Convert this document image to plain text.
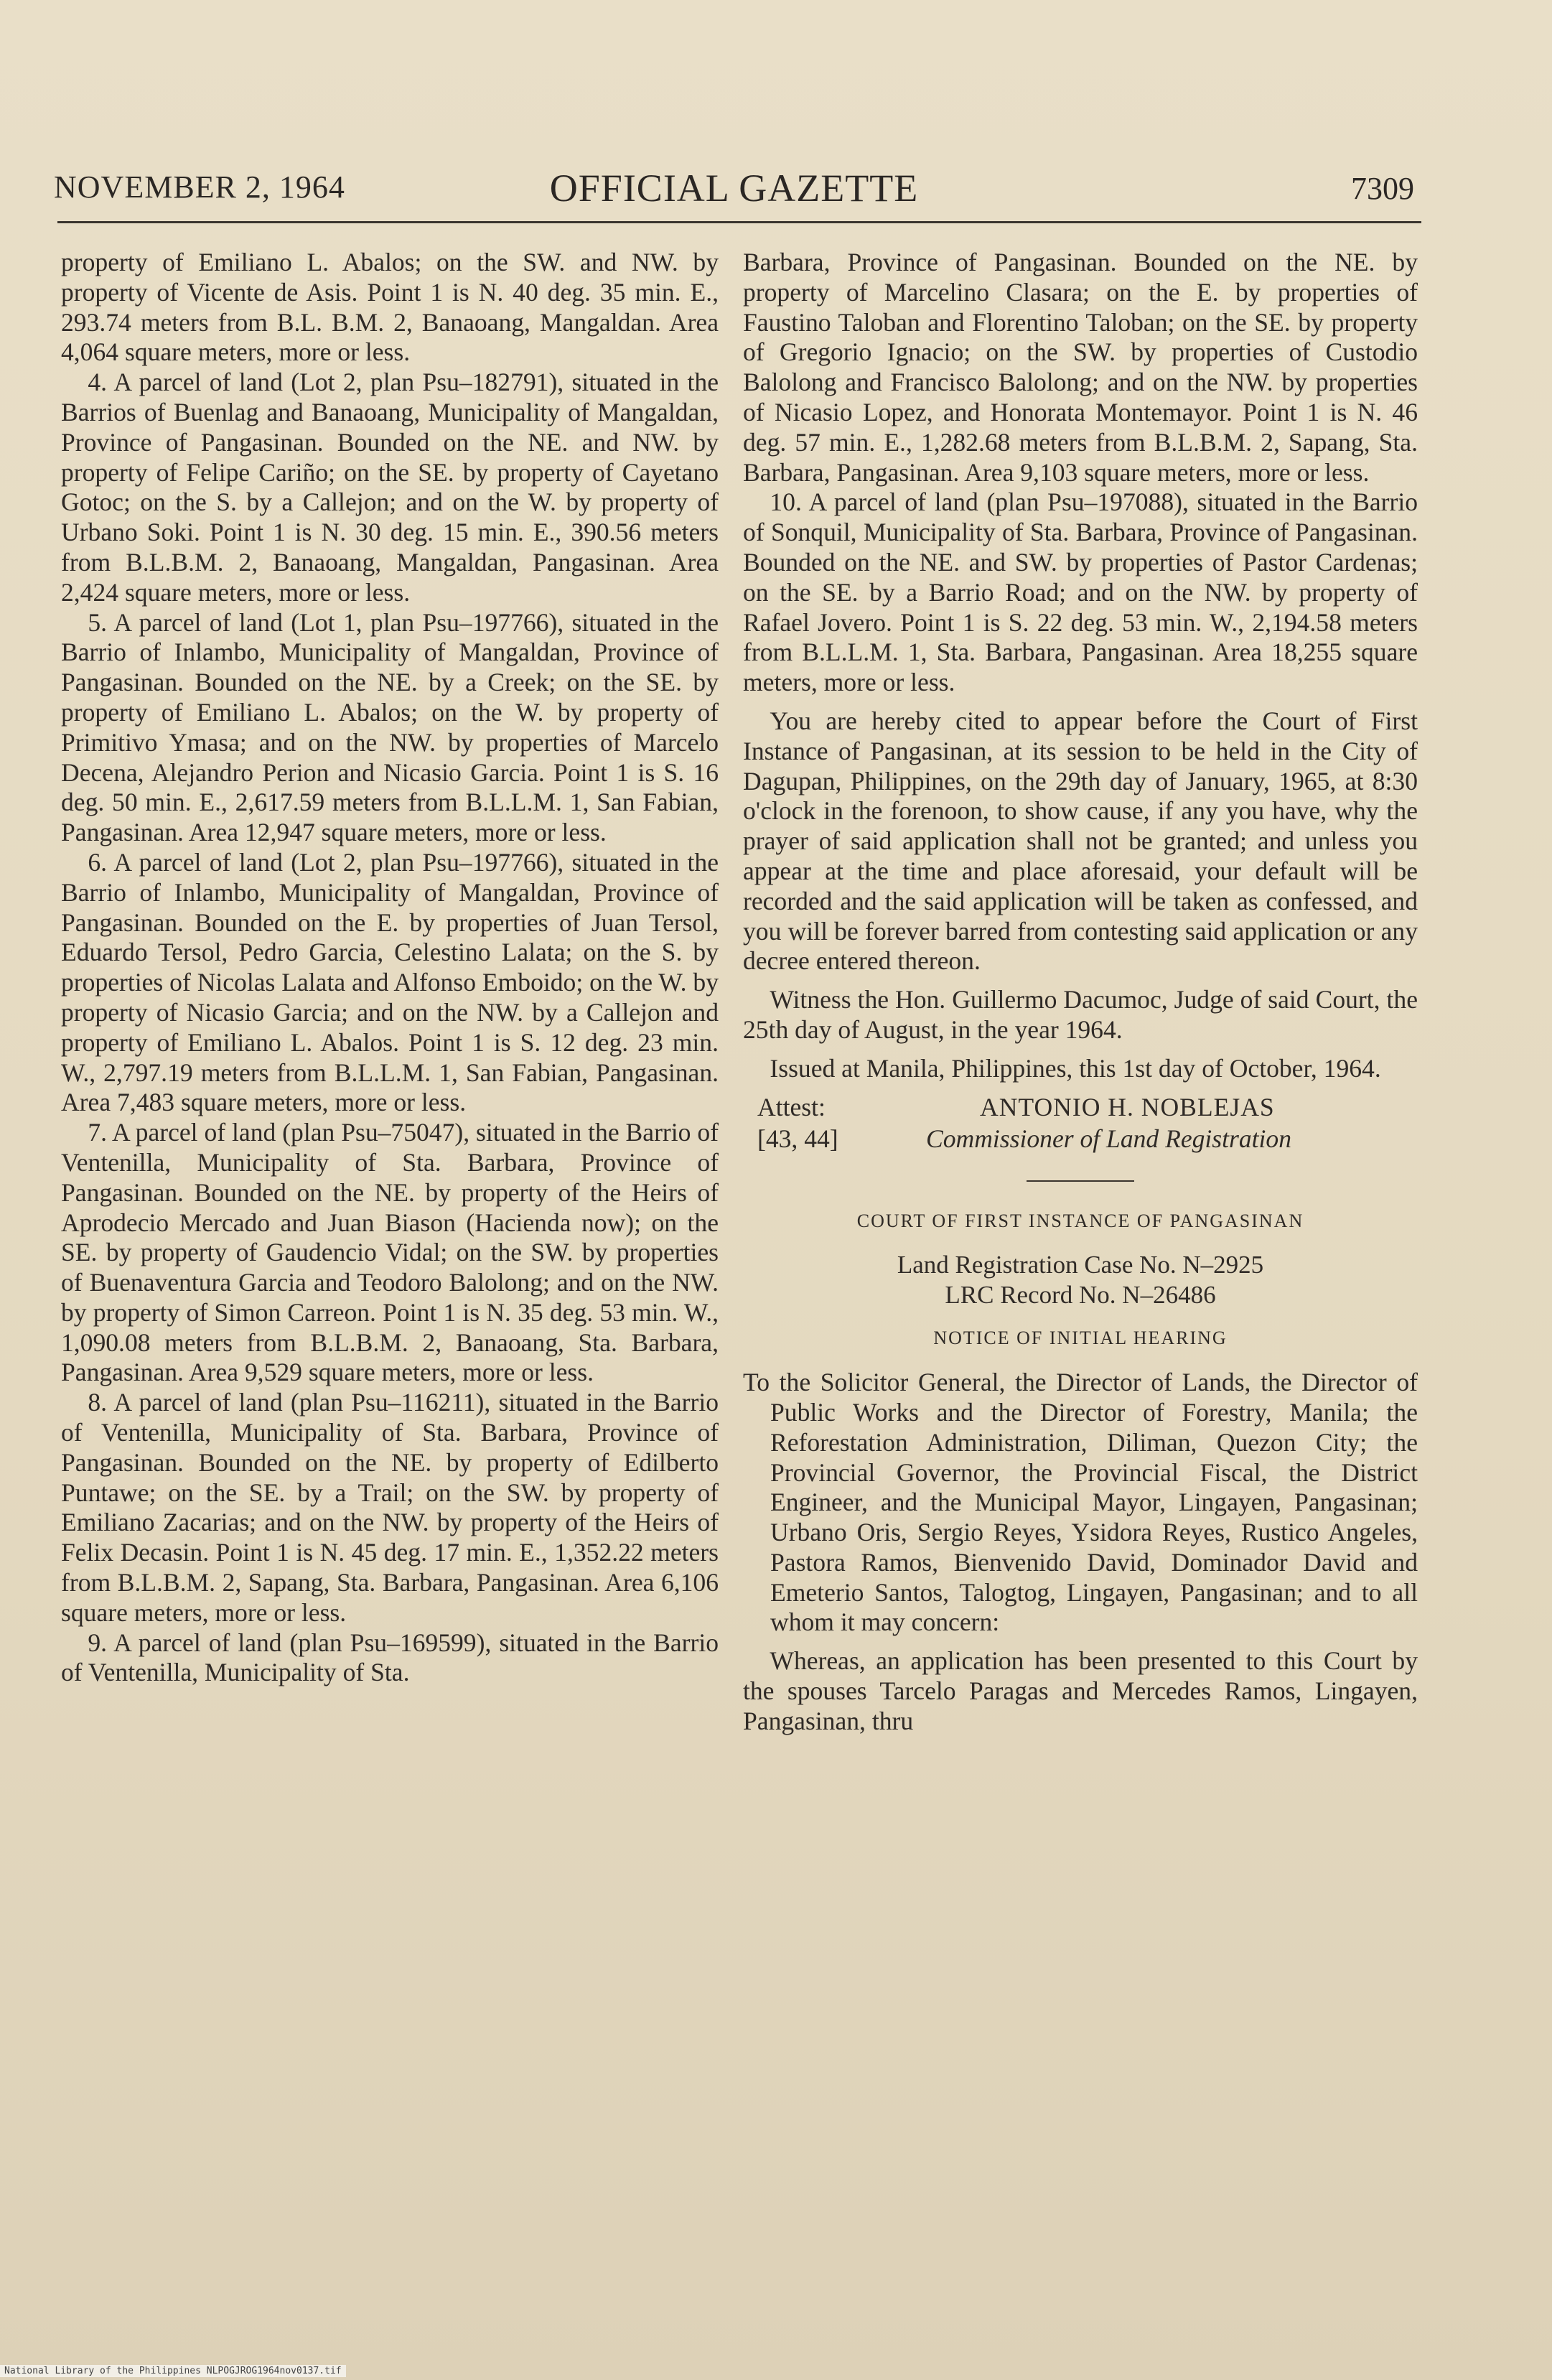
NOVEMBER 2, 1964	OFFICIAL GAZETTE	7309

property of Emiliano L. Abalos; on the SW. and NW. by property of Vicente de Asis. Point 1 is N. 40 deg. 35 min. E., 293.74 meters from B.L. B.M. 2, Banaoang, Mangaldan. Area 4,064 square meters, more or less.

4. A parcel of land (Lot 2, plan Psu–182791), situated in the Barrios of Buenlag and Banaoang, Municipality of Mangaldan, Province of Pangasinan. Bounded on the NE. and NW. by property of Felipe Cariño; on the SE. by property of Cayetano Gotoc; on the S. by a Callejon; and on the W. by property of Urbano Soki. Point 1 is N. 30 deg. 15 min. E., 390.56 meters from B.L.B.M. 2, Banaoang, Mangaldan, Pangasinan. Area 2,424 square meters, more or less.

5. A parcel of land (Lot 1, plan Psu–197766), situated in the Barrio of Inlambo, Municipality of Mangaldan, Province of Pangasinan. Bounded on the NE. by a Creek; on the SE. by property of Emiliano L. Abalos; on the W. by property of Primitivo Ymasa; and on the NW. by properties of Marcelo Decena, Alejandro Perion and Nicasio Garcia. Point 1 is S. 16 deg. 50 min. E., 2,617.59 meters from B.L.L.M. 1, San Fabian, Pangasinan. Area 12,947 square meters, more or less.

6. A parcel of land (Lot 2, plan Psu–197766), situated in the Barrio of Inlambo, Municipality of Mangaldan, Province of Pangasinan. Bounded on the E. by properties of Juan Tersol, Eduardo Tersol, Pedro Garcia, Celestino Lalata; on the S. by properties of Nicolas Lalata and Alfonso Emboido; on the W. by property of Nicasio Garcia; and on the NW. by a Callejon and property of Emiliano L. Abalos. Point 1 is S. 12 deg. 23 min. W., 2,797.19 meters from B.L.L.M. 1, San Fabian, Pangasinan. Area 7,483 square meters, more or less.

7. A parcel of land (plan Psu–75047), situated in the Barrio of Ventenilla, Municipality of Sta. Barbara, Province of Pangasinan. Bounded on the NE. by property of the Heirs of Aprodecio Mercado and Juan Biason (Hacienda now); on the SE. by property of Gaudencio Vidal; on the SW. by properties of Buenaventura Garcia and Teodoro Balolong; and on the NW. by property of Simon Carreon. Point 1 is N. 35 deg. 53 min. W., 1,090.08 meters from B.L.B.M. 2, Banaoang, Sta. Barbara, Pangasinan. Area 9,529 square meters, more or less.

8. A parcel of land (plan Psu–116211), situated in the Barrio of Ventenilla, Municipality of Sta. Barbara, Province of Pangasinan. Bounded on the NE. by property of Edilberto Puntawe; on the SE. by a Trail; on the SW. by property of Emiliano Zacarias; and on the NW. by property of the Heirs of Felix Decasin. Point 1 is N. 45 deg. 17 min. E., 1,352.22 meters from B.L.B.M. 2, Sapang, Sta. Barbara, Pangasinan. Area 6,106 square meters, more or less.

9. A parcel of land (plan Psu–169599), situated in the Barrio of Ventenilla, Municipality of Sta.

Barbara, Province of Pangasinan. Bounded on the NE. by property of Marcelino Clasara; on the E. by properties of Faustino Taloban and Florentino Taloban; on the SE. by property of Gregorio Ignacio; on the SW. by properties of Custodio Balolong and Francisco Balolong; and on the NW. by properties of Nicasio Lopez, and Honorata Montemayor. Point 1 is N. 46 deg. 57 min. E., 1,282.68 meters from B.L.B.M. 2, Sapang, Sta. Barbara, Pangasinan. Area 9,103 square meters, more or less.

10. A parcel of land (plan Psu–197088), situated in the Barrio of Sonquil, Municipality of Sta. Barbara, Province of Pangasinan. Bounded on the NE. and SW. by properties of Pastor Cardenas; on the SE. by a Barrio Road; and on the NW. by property of Rafael Jovero. Point 1 is S. 22 deg. 53 min. W., 2,194.58 meters from B.L.L.M. 1, Sta. Barbara, Pangasinan. Area 18,255 square meters, more or less.

You are hereby cited to appear before the Court of First Instance of Pangasinan, at its session to be held in the City of Dagupan, Philippines, on the 29th day of January, 1965, at 8:30 o'clock in the forenoon, to show cause, if any you have, why the prayer of said application shall not be granted; and unless you appear at the time and place aforesaid, your default will be recorded and the said application will be taken as confessed, and you will be forever barred from contesting said application or any decree entered thereon.

Witness the Hon. Guillermo Dacumoc, Judge of said Court, the 25th day of August, in the year 1964.

Issued at Manila, Philippines, this 1st day of October, 1964.

Attest:	ANTONIO H. NOBLEJAS
[43, 44]	Commissioner of Land Registration
COURT OF FIRST INSTANCE OF PANGASINAN
Land Registration Case No. N–2925
LRC Record No. N–26486
NOTICE OF INITIAL HEARING

To the Solicitor General, the Director of Lands, the Director of Public Works and the Director of Forestry, Manila; the Reforestation Administration, Diliman, Quezon City; the Provincial Governor, the Provincial Fiscal, the District Engineer, and the Municipal Mayor, Lingayen, Pangasinan; Urbano Oris, Sergio Reyes, Ysidora Reyes, Rustico Angeles, Pastora Ramos, Bienvenido David, Dominador David and Emeterio Santos, Talogtog, Lingayen, Pangasinan; and to all whom it may concern:

Whereas, an application has been presented to this Court by the spouses Tarcelo Paragas and Mercedes Ramos, Lingayen, Pangasinan, thru

National Library of the Philippines NLPOGJROG1964nov0137.tif
